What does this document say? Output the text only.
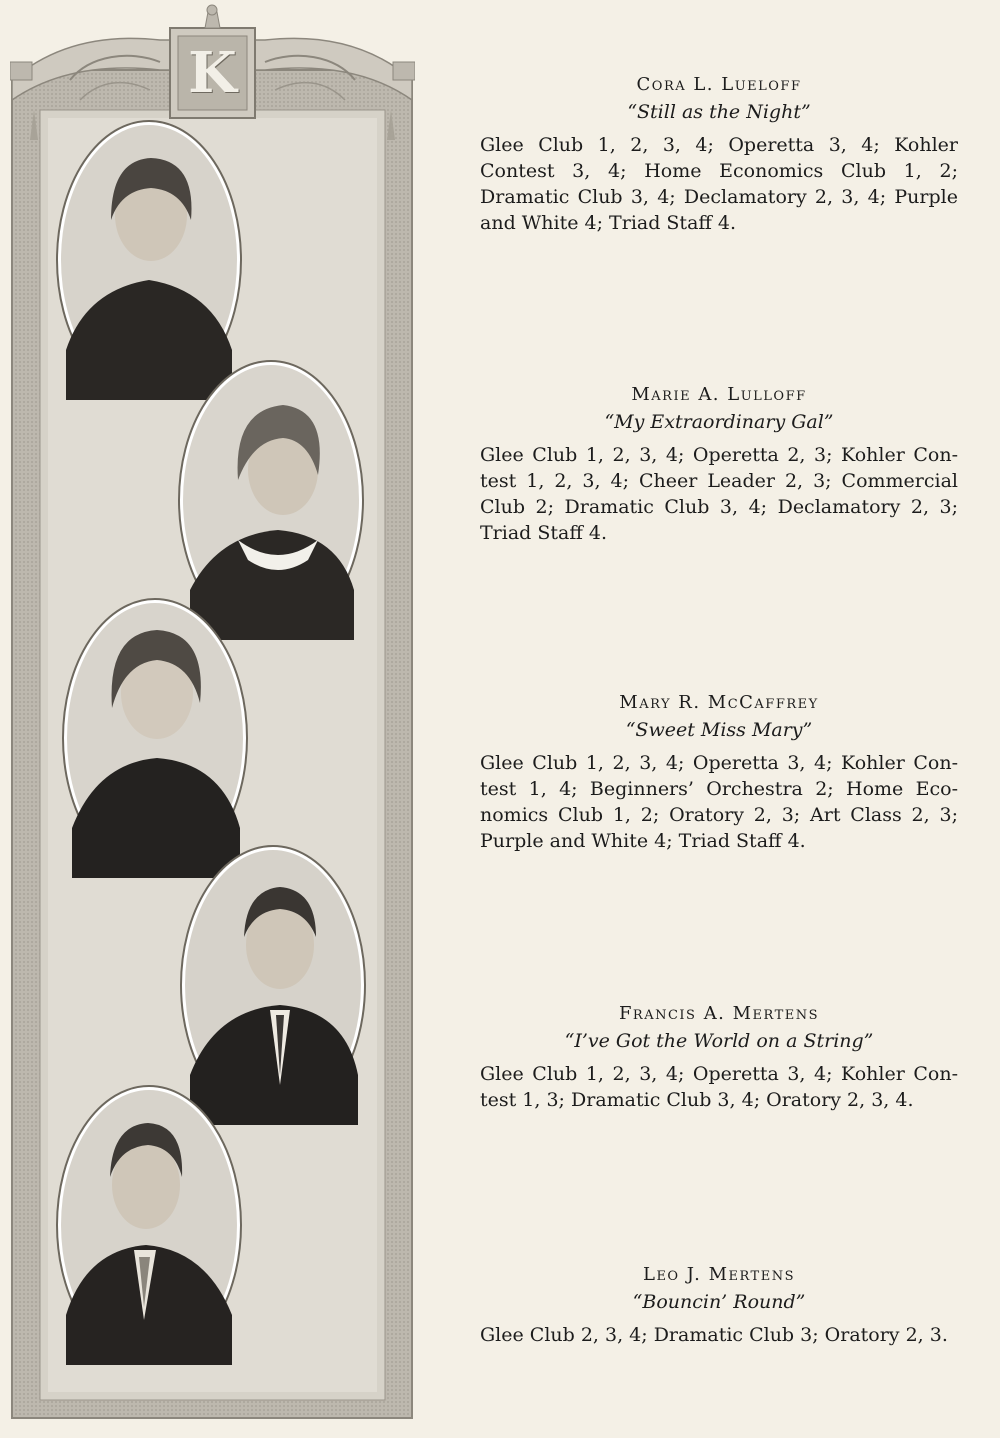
K	Cora L. Lueloff

“Still as the Night”

Glee Club 1, 2, 3, 4; Operetta 3, 4; Kohler Contest 3, 4; Home Economics Club 1, 2; Dramatic Club 3, 4; Declamatory 2, 3, 4; Purple and White 4; Triad Staff 4.

Marie A. Lulloff

“My Extraordinary Gal”

Glee Club 1, 2, 3, 4; Operetta 2, 3; Kohler Contest 1, 2, 3, 4; Cheer Leader 2, 3; Commercial Club 2; Dramatic Club 3, 4; Declamatory 2, 3; Triad Staff 4.

Mary R. McCaffrey

“Sweet Miss Mary”

Glee Club 1, 2, 3, 4; Operetta 3, 4; Kohler Contest 1, 4; Beginners’ Orchestra 2; Home Economics Club 1, 2; Oratory 2, 3; Art Class 2, 3; Purple and White 4; Triad Staff 4.

Francis A. Mertens

“I’ve Got the World on a String”

Glee Club 1, 2, 3, 4; Operetta 3, 4; Kohler Contest 1, 3; Dramatic Club 3, 4; Oratory 2, 3, 4.

Leo J. Mertens

“Bouncin’ Round”

Glee Club 2, 3, 4; Dramatic Club 3; Oratory 2, 3.
